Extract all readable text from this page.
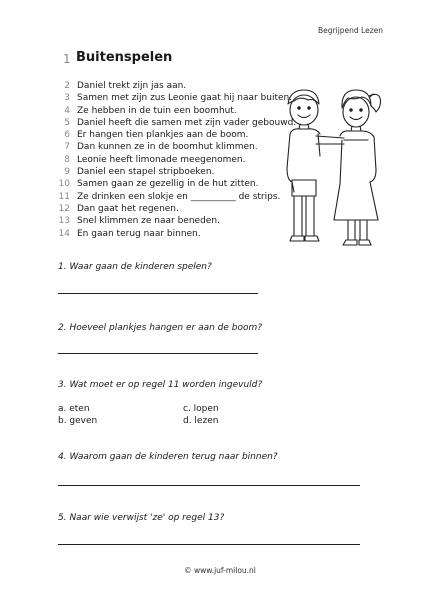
Begrijpend Lezen
1 Buitenspelen
2 Daniel trekt zijn jas aan.
3 Samen met zijn zus Leonie gaat hij naar buiten.
4 Ze hebben in de tuin een boomhut.
5 Daniel heeft die samen met zijn vader gebouwd.
6 Er hangen tien plankjes aan de boom.
7 Dan kunnen ze in de boomhut klimmen.
8 Leonie heeft limonade meegenomen.
9 Daniel een stapel stripboeken.
10 Samen gaan ze gezellig in de hut zitten.
11 Ze drinken een slokje en __________ de strips.
12 Dan gaat het regenen.
13 Snel klimmen ze naar beneden.
14 En gaan terug naar binnen.
1. Waar gaan de kinderen spelen?
2. Hoeveel plankjes hangen er aan de boom?
3. Wat moet er op regel 11 worden ingevuld?
a. eten	c. lopen
b. geven	d. lezen
4. Waarom gaan de kinderen terug naar binnen?
5. Naar wie verwijst 'ze' op regel 13?
© www.juf-milou.nl
